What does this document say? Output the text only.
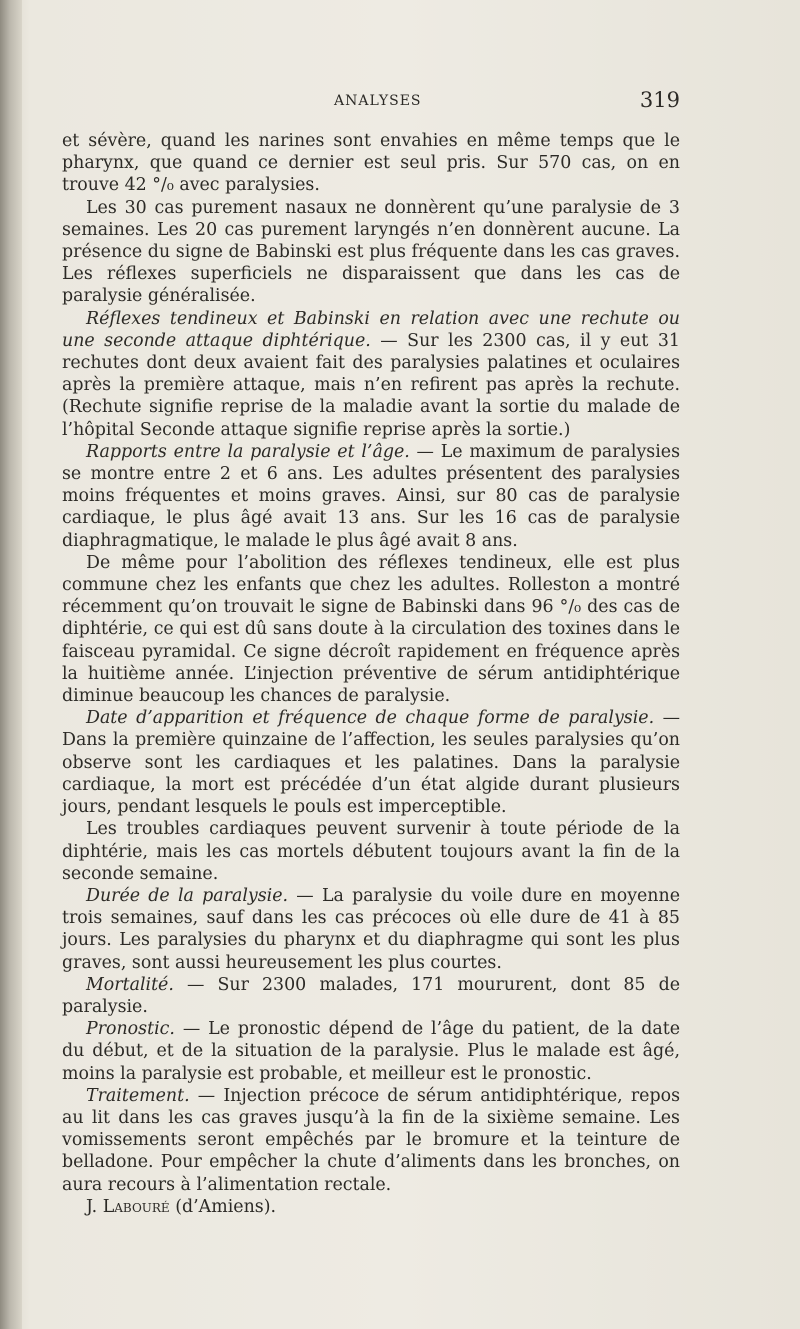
ANALYSES	319

et sévère, quand les narines sont envahies en même temps que le pharynx, que quand ce dernier est seul pris. Sur 570 cas, on en trouve 42 °/₀ avec paralysies.

Les 30 cas purement nasaux ne donnèrent qu’une paralysie de 3 semaines. Les 20 cas purement laryngés n’en donnèrent aucune. La présence du signe de Babinski est plus fréquente dans les cas graves. Les réflexes superficiels ne disparaissent que dans les cas de paralysie généralisée.

Réflexes tendineux et Babinski en relation avec une rechute ou une seconde attaque diphtérique. — Sur les 2300 cas, il y eut 31 rechutes dont deux avaient fait des paralysies palatines et oculaires après la première attaque, mais n’en refirent pas après la rechute. (Rechute signifie reprise de la maladie avant la sortie du malade de l’hôpital Seconde attaque signifie reprise après la sortie.)

Rapports entre la paralysie et l’âge. — Le maximum de paralysies se montre entre 2 et 6 ans. Les adultes présentent des paralysies moins fréquentes et moins graves. Ainsi, sur 80 cas de paralysie cardiaque, le plus âgé avait 13 ans. Sur les 16 cas de paralysie diaphragmatique, le malade le plus âgé avait 8 ans.

De même pour l’abolition des réflexes tendineux, elle est plus commune chez les enfants que chez les adultes. Rolleston a montré récemment qu’on trouvait le signe de Babinski dans 96 °/₀ des cas de diphtérie, ce qui est dû sans doute à la circulation des toxines dans le faisceau pyramidal. Ce signe décroît rapidement en fréquence après la huitième année. L’injection préventive de sérum antidiphtérique diminue beaucoup les chances de paralysie.

Date d’apparition et fréquence de chaque forme de paralysie. — Dans la première quinzaine de l’affection, les seules paralysies qu’on observe sont les cardiaques et les palatines. Dans la paralysie cardiaque, la mort est précédée d’un état algide durant plusieurs jours, pendant lesquels le pouls est imperceptible.

Les troubles cardiaques peuvent survenir à toute période de la diphtérie, mais les cas mortels débutent toujours avant la fin de la seconde semaine.

Durée de la paralysie. — La paralysie du voile dure en moyenne trois semaines, sauf dans les cas précoces où elle dure de 41 à 85 jours. Les paralysies du pharynx et du diaphragme qui sont les plus graves, sont aussi heureusement les plus courtes.

Mortalité. — Sur 2300 malades, 171 moururent, dont 85 de paralysie.

Pronostic. — Le pronostic dépend de l’âge du patient, de la date du début, et de la situation de la paralysie. Plus le malade est âgé, moins la paralysie est probable, et meilleur est le pronostic.

Traitement. — Injection précoce de sérum antidiphtérique, repos au lit dans les cas graves jusqu’à la fin de la sixième semaine. Les vomissements seront empêchés par le bromure et la teinture de belladone. Pour empêcher la chute d’aliments dans les bronches, on aura recours à l’alimentation rectale.

J. Labouré (d’Amiens).
